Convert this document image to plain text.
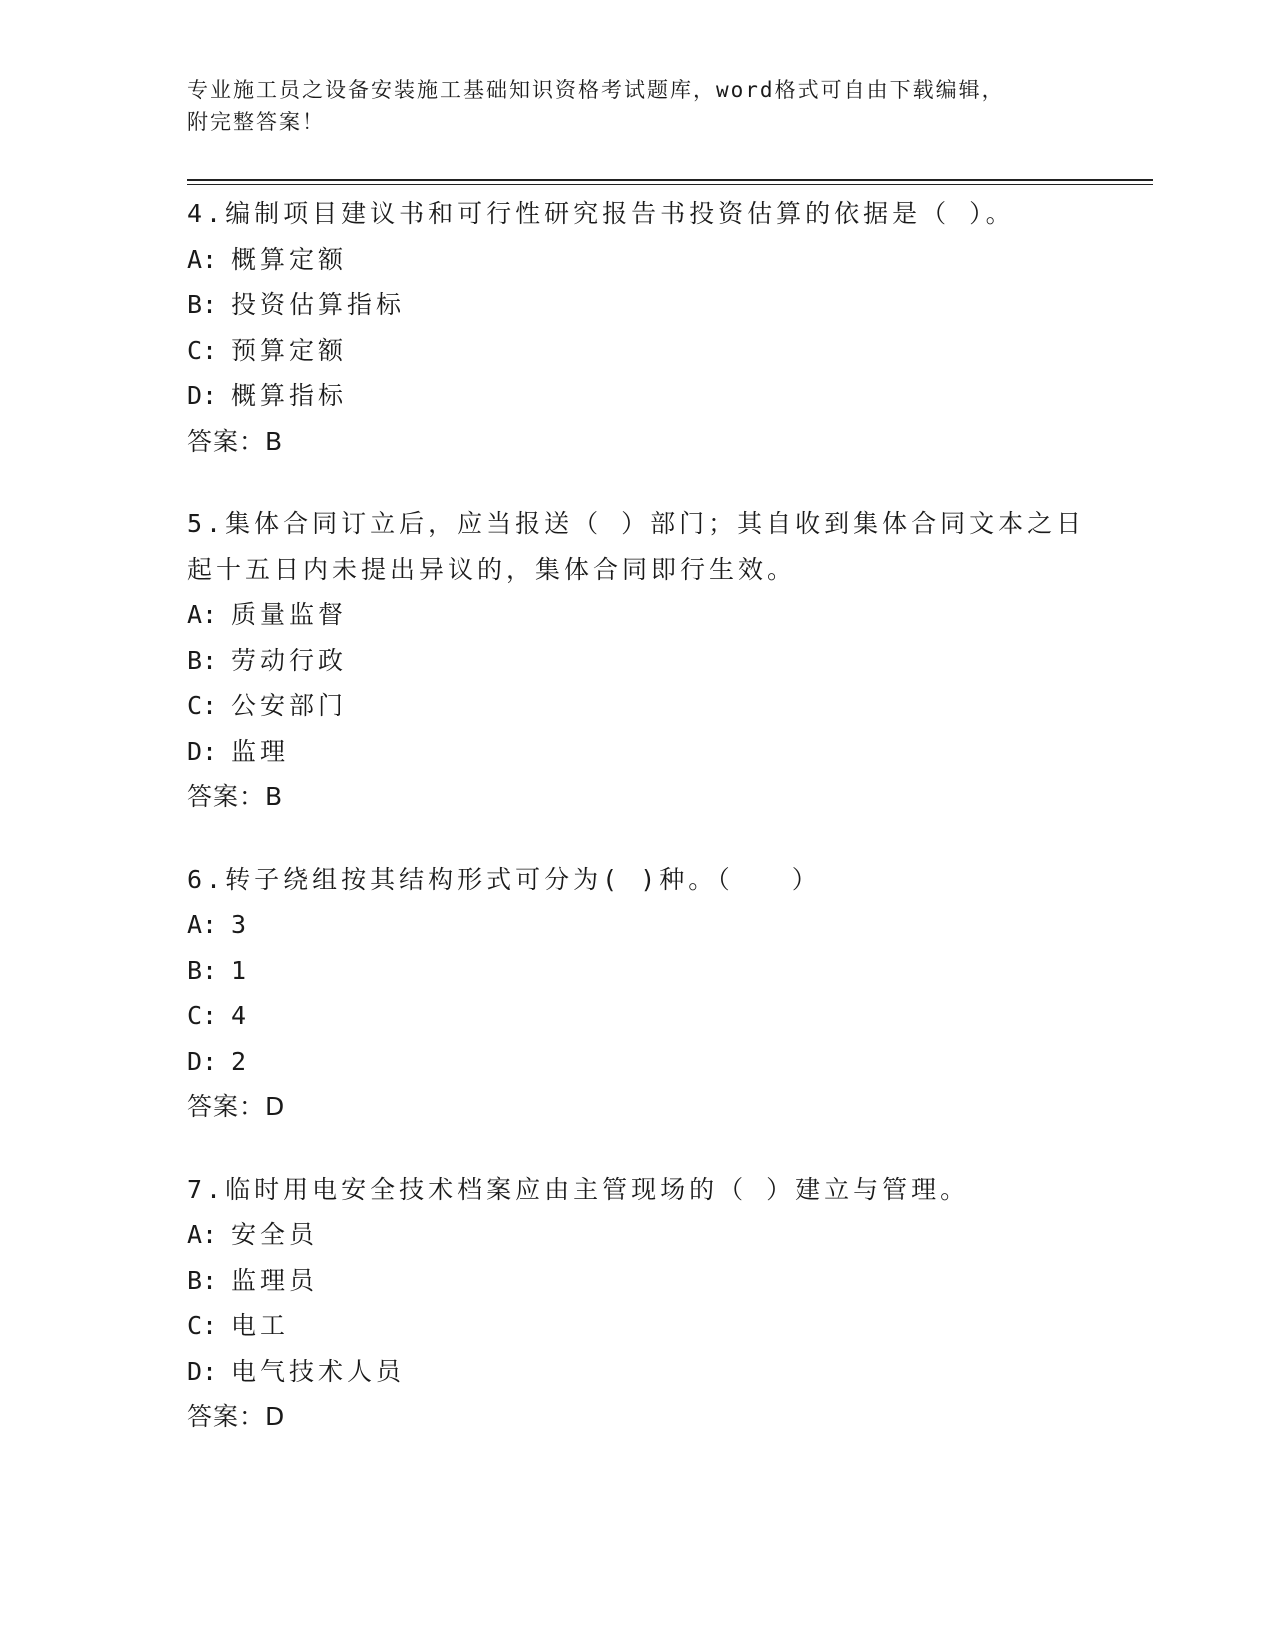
专业施工员之设备安装施工基础知识资格考试题库，word格式可自由下载编辑，
附完整答案！
4.编制项目建议书和可行性研究报告书投资估算的依据是（ ）。
A: 概算定额
B: 投资估算指标
C: 预算定额
D: 概算指标
答案：B
5.集体合同订立后，应当报送（ ）部门；其自收到集体合同文本之日起十五日内未提出异议的，集体合同即行生效。
A: 质量监督
B: 劳动行政
C: 公安部门
D: 监理
答案：B
6.转子绕组按其结构形式可分为( )种。（　　）
A: 3
B: 1
C: 4
D: 2
答案：D
7.临时用电安全技术档案应由主管现场的（ ）建立与管理。
A: 安全员
B: 监理员
C: 电工
D: 电气技术人员
答案：D
